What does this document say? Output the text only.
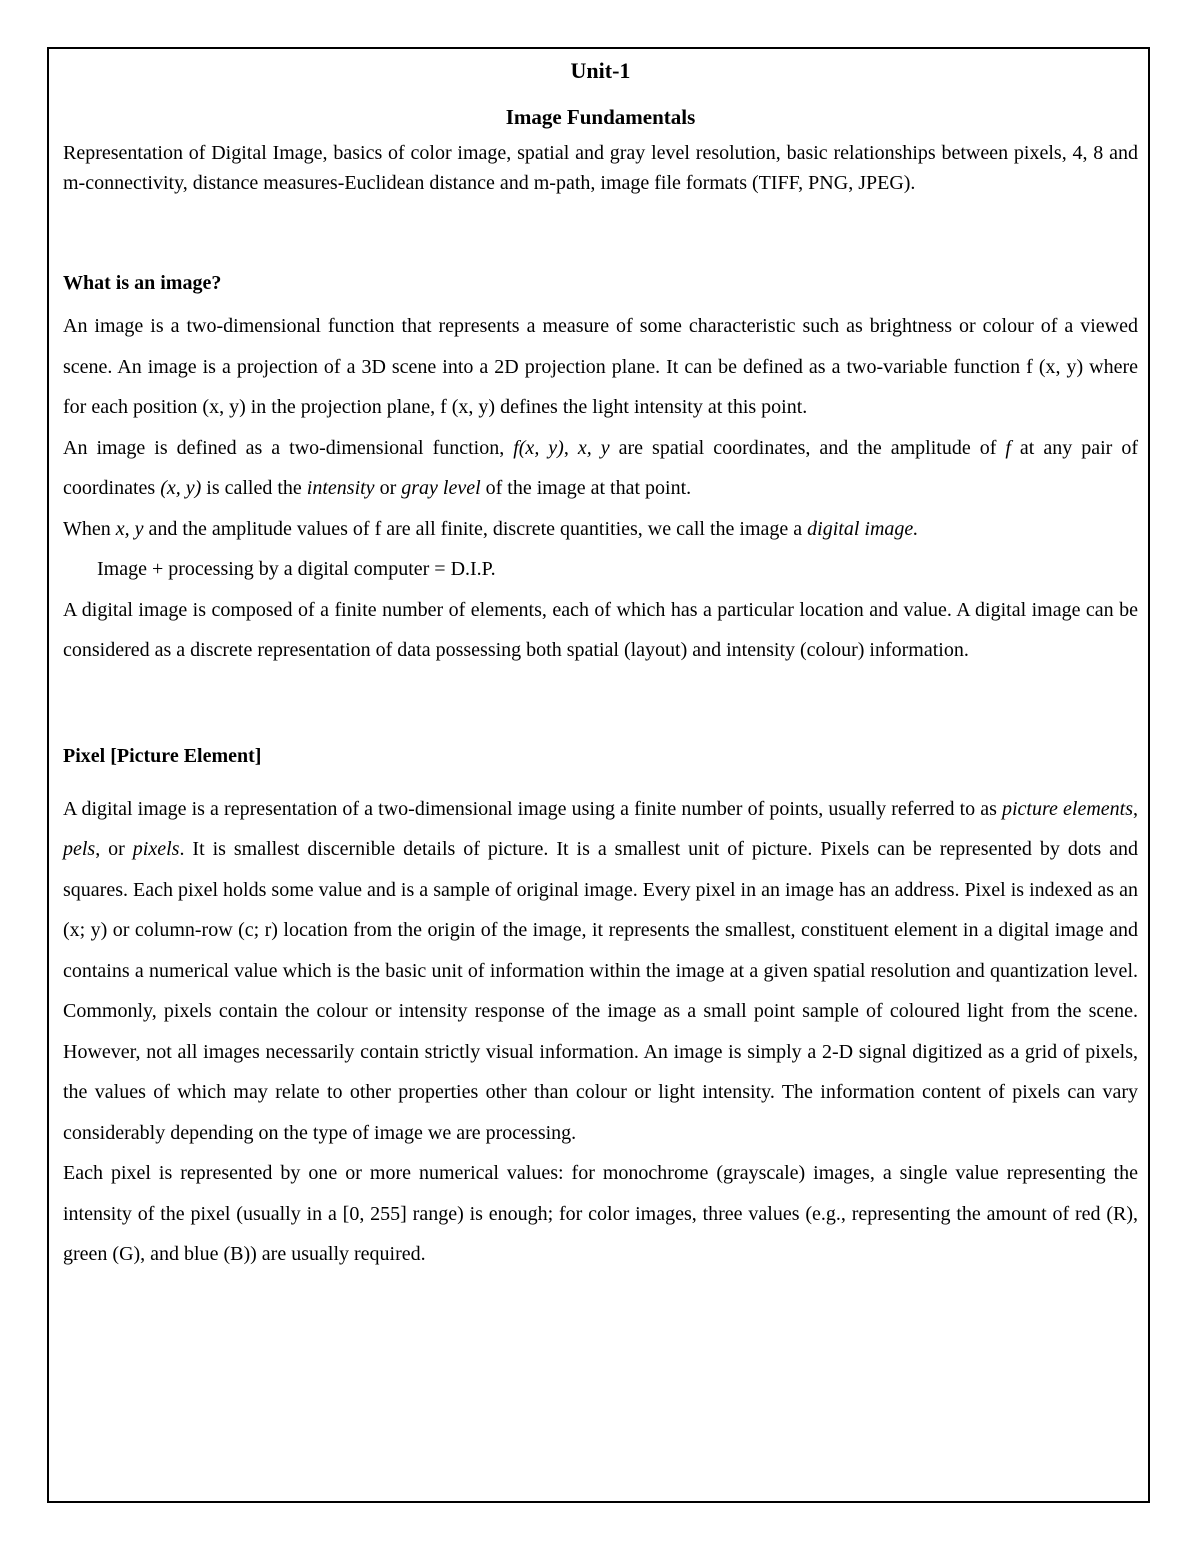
Unit-1
Image Fundamentals

Representation of Digital Image, basics of color image, spatial and gray level resolution, basic relationships between pixels, 4, 8 and m-connectivity, distance measures-Euclidean distance and m-path, image file formats (TIFF, PNG, JPEG).

What is an image?

An image is a two-dimensional function that represents a measure of some characteristic such as brightness or colour of a viewed scene. An image is a projection of a 3D scene into a 2D projection plane. It can be defined as a two-variable function f (x, y) where for each position (x, y) in the projection plane, f (x, y) defines the light intensity at this point.

An image is defined as a two-dimensional function, f(x, y), x, y are spatial coordinates, and the amplitude of f at any pair of coordinates (x, y) is called the intensity or gray level of the image at that point.

When x, y and the amplitude values of f are all finite, discrete quantities, we call the image a digital image.

Image + processing by a digital computer = D.I.P.

A digital image is composed of a finite number of elements, each of which has a particular location and value. A digital image can be considered as a discrete representation of data possessing both spatial (layout) and intensity (colour) information.

Pixel [Picture Element]

A digital image is a representation of a two-dimensional image using a finite number of points, usually referred to as picture elements, pels, or pixels. It is smallest discernible details of picture. It is a smallest unit of picture. Pixels can be represented by dots and squares. Each pixel holds some value and is a sample of original image. Every pixel in an image has an address. Pixel is indexed as an (x; y) or column-row (c; r) location from the origin of the image, it represents the smallest, constituent element in a digital image and contains a numerical value which is the basic unit of information within the image at a given spatial resolution and quantization level. Commonly, pixels contain the colour or intensity response of the image as a small point sample of coloured light from the scene. However, not all images necessarily contain strictly visual information. An image is simply a 2-D signal digitized as a grid of pixels, the values of which may relate to other properties other than colour or light intensity. The information content of pixels can vary considerably depending on the type of image we are processing.

Each pixel is represented by one or more numerical values: for monochrome (grayscale) images, a single value representing the intensity of the pixel (usually in a [0, 255] range) is enough; for color images, three values (e.g., representing the amount of red (R), green (G), and blue (B)) are usually required.
